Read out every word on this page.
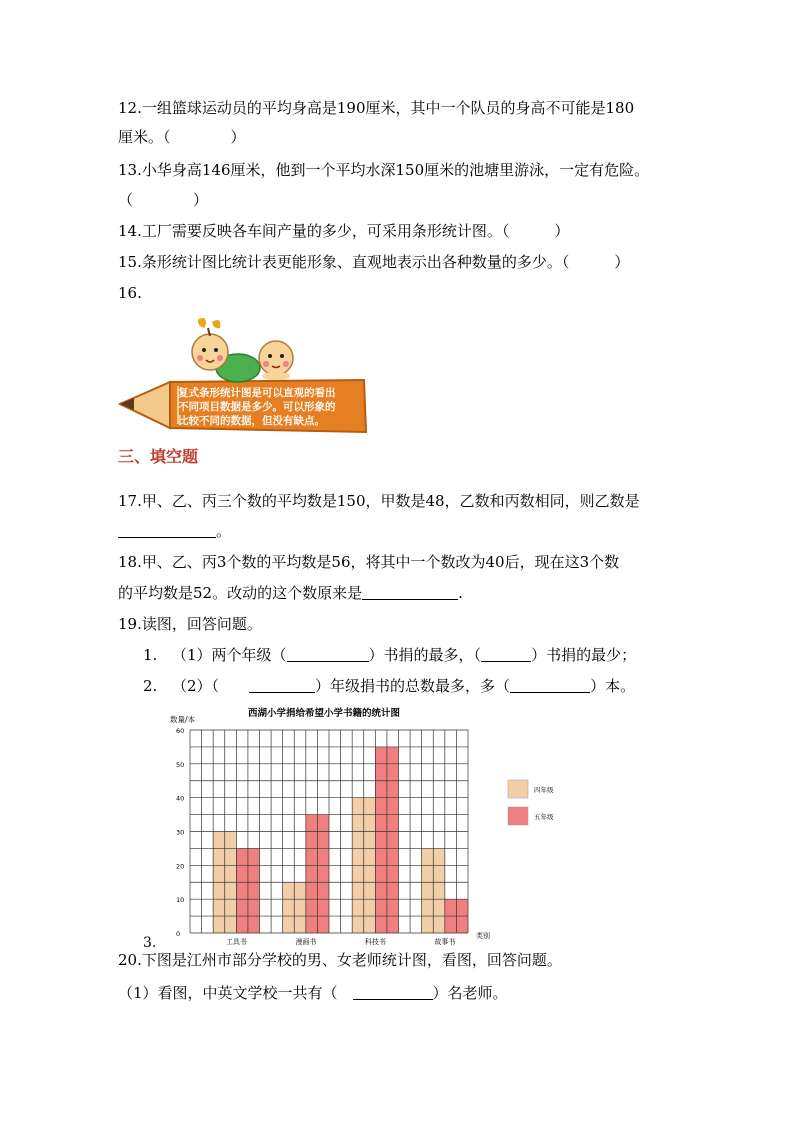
12.一组篮球运动员的平均身高是190厘米，其中一个队员的身高不可能是180
厘米。（　　　　）
13.小华身高146厘米，他到一个平均水深150厘米的池塘里游泳，一定有危险。
（　　　　）
14.工厂需要反映各车间产量的多少，可采用条形统计图。（　　　）
15.条形统计图比统计表更能形象、直观地表示出各种数量的多少。（　　　）
16.
复式条形统计图是可以直观的看出
不同项目数据是多少。可以形象的
比较不同的数据，但没有缺点。
三、填空题
17.甲、乙、丙三个数的平均数是150，甲数是48，乙数和丙数相同，则乙数是
。
18.甲、乙、丙3个数的平均数是56，将其中一个数改为40后，现在这3个数
的平均数是52。改动的这个数原来是	.
19.读图，回答问题。
1. （1）两个年级（	）书捐的最多，（	）书捐的最少；
2. （2）（　　	）年级捐书的总数最多，多（	）本。
西湖小学捐给希望小学书籍的统计图
数量/本
类别
工具书	漫画书	科技书	故事书
0
10
20
30
40
50
60
四年级
五年级
3.
20.下图是江州市部分学校的男、女老师统计图，看图，回答问题。
（1）看图，中英文学校一共有（　	）名老师。
